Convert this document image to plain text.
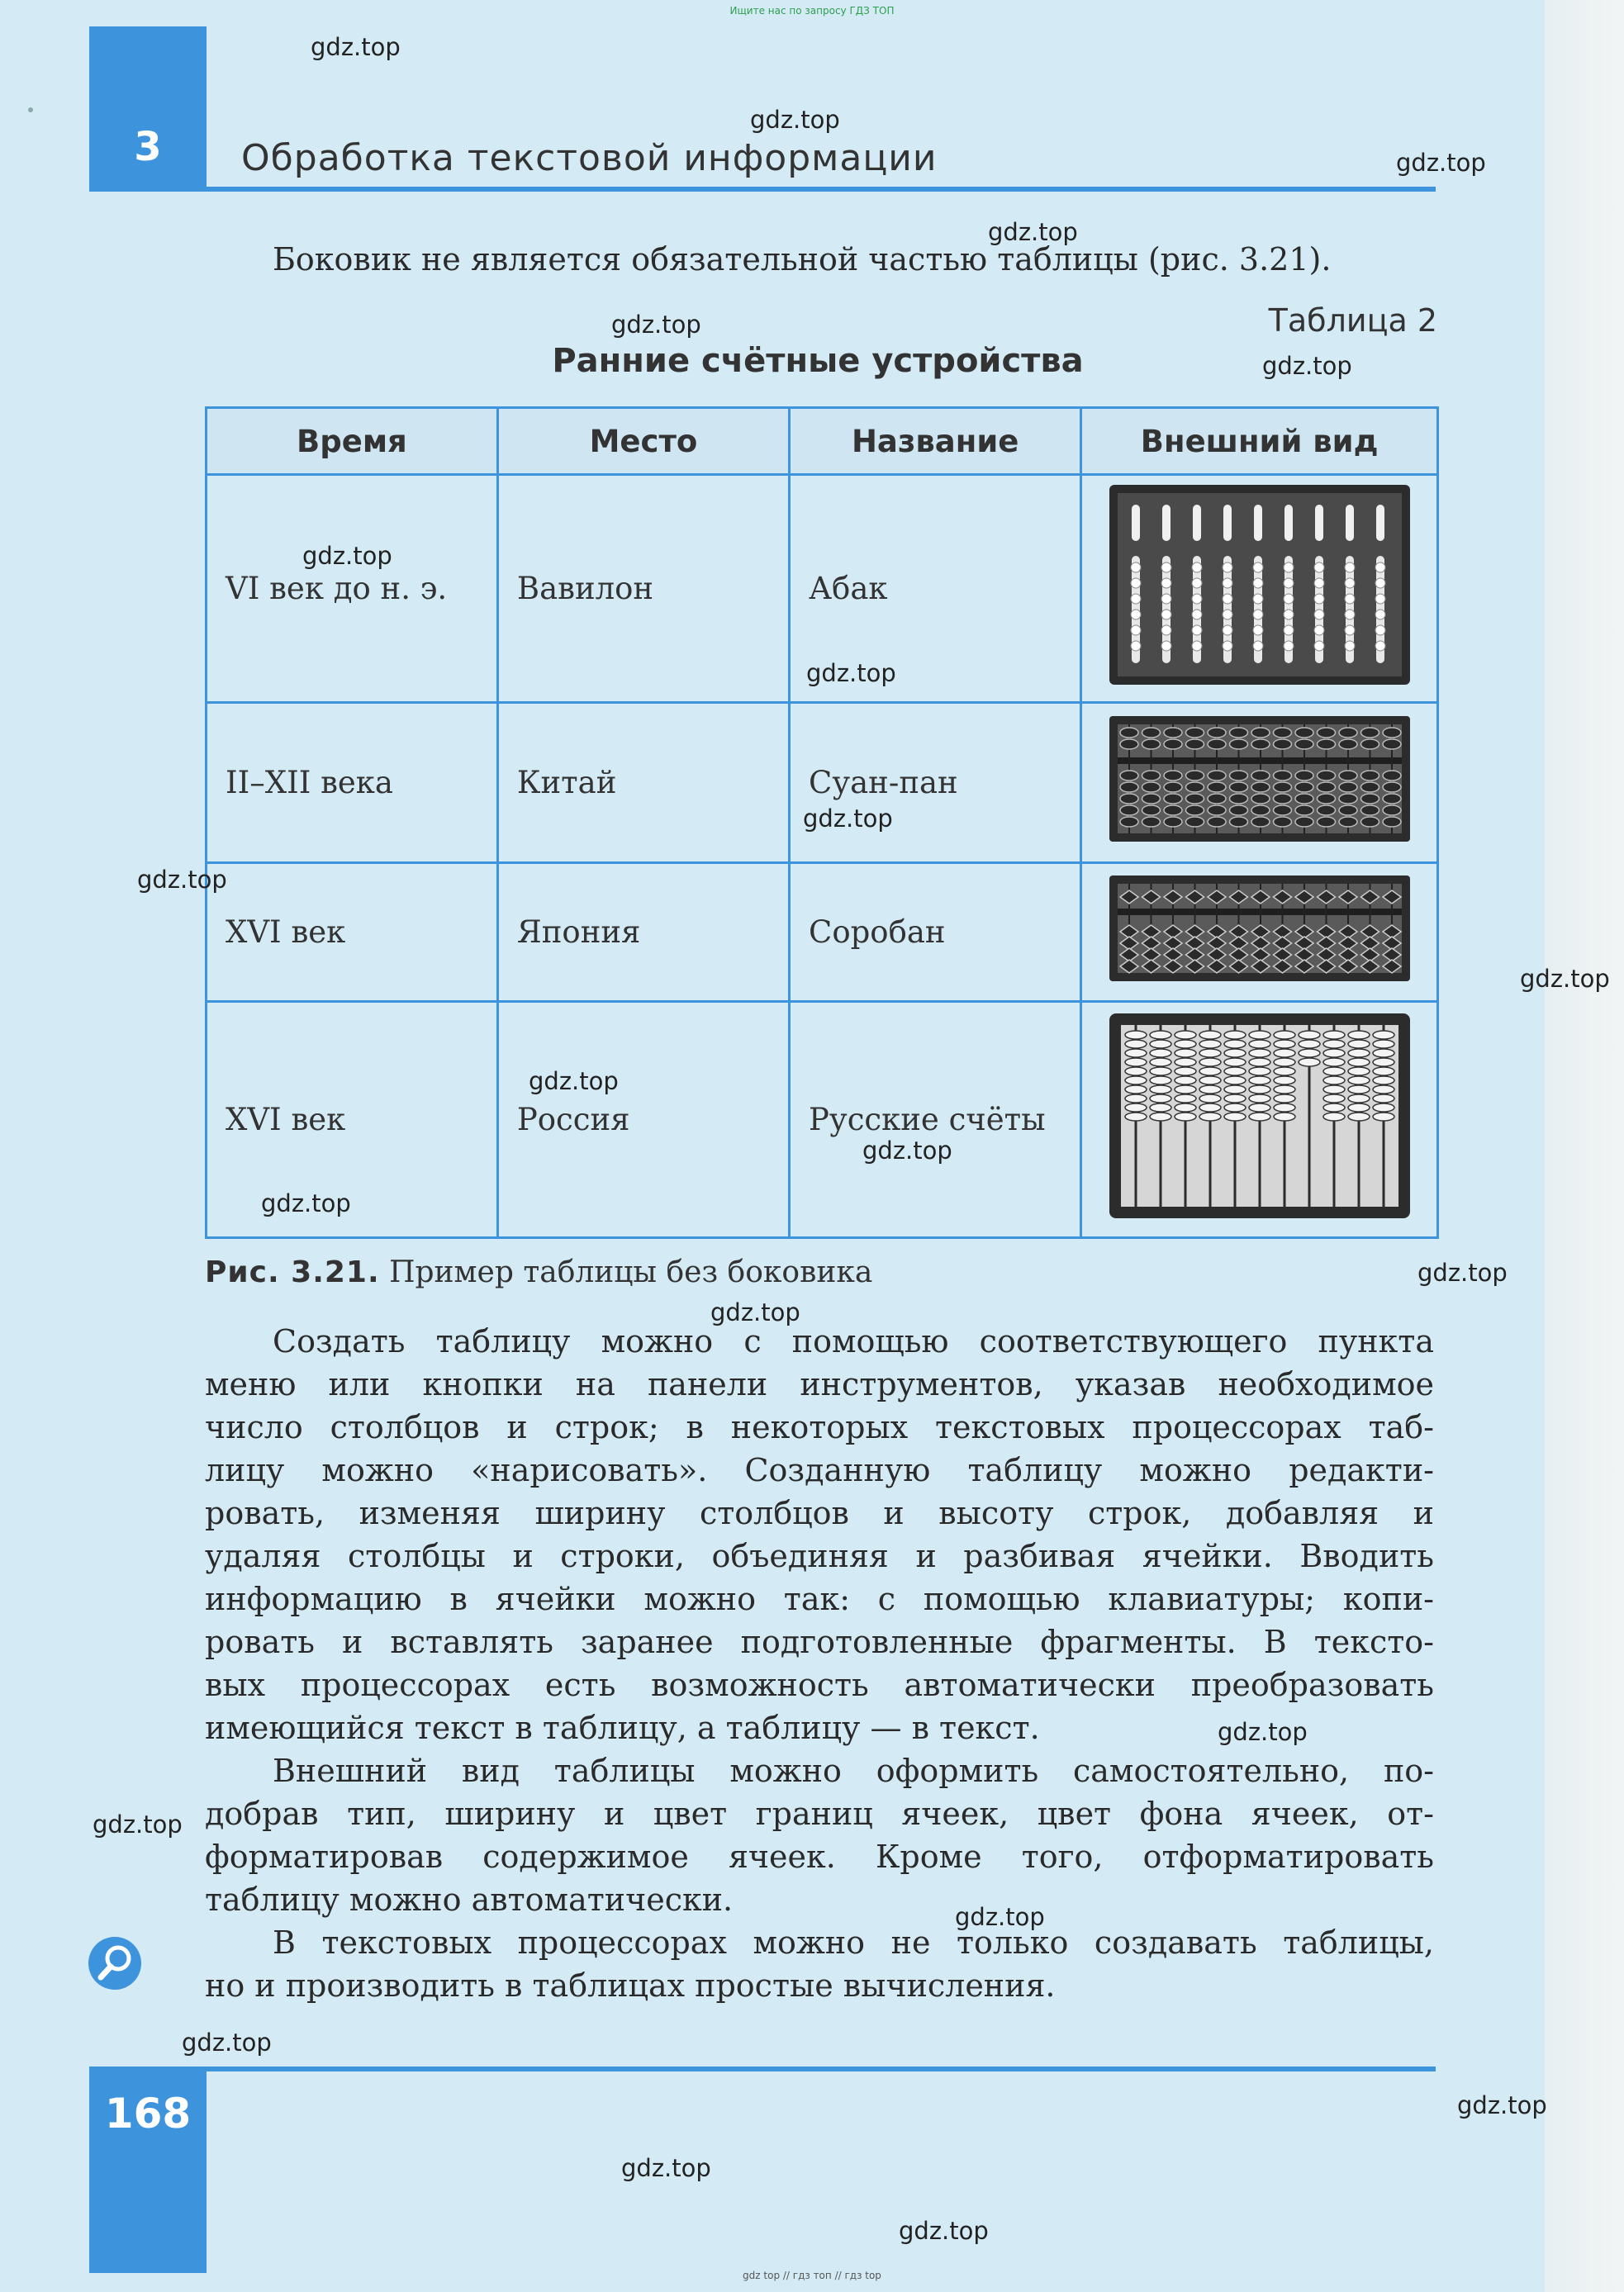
Ищите нас по запросу ГДЗ ТОП
3	Обработка текстовой информации
Боковик не является обязательной частью таблицы (рис. 3.21).
Таблица 2
Ранние счётные устройства
Время	Место	Название	Внешний вид
VI век до н. э.	Вавилон	Абак	
II–XII века	Китай	Суан-пан	
XVI век	Япония	Соробан	
XVI век	Россия	Русские счёты	
Рис. 3.21. Пример таблицы без боковика
Создать таблицу можно с помощью соответствующего пункта
меню или кнопки на панели инструментов, указав необходимое
число столбцов и строк; в некоторых текстовых процессорах таб-
лицу можно «нарисовать». Созданную таблицу можно редакти-
ровать, изменяя ширину столбцов и высоту строк, добавляя и
удаляя столбцы и строки, объединяя и разбивая ячейки. Вводить
информацию в ячейки можно так: с помощью клавиатуры; копи-
ровать и вставлять заранее подготовленные фрагменты. В тексто-
вых процессорах есть возможность автоматически преобразовать
имеющийся текст в таблицу, а таблицу — в текст.
Внешний вид таблицы можно оформить самостоятельно, по-
добрав тип, ширину и цвет границ ячеек, цвет фона ячеек, от-
форматировав содержимое ячеек. Кроме того, отформатировать
таблицу можно автоматически.
В текстовых процессорах можно не только создавать таблицы,
но и производить в таблицах простые вычисления.
168
gdz.top
gdz.top
gdz.top
gdz.top
gdz.top
gdz.top
gdz.top
gdz.top
gdz.top
gdz.top
gdz.top
gdz.top
gdz.top
gdz.top
gdz.top
gdz.top
gdz.top
gdz.top
gdz.top
gdz.top
gdz.top
gdz.top
gdz.top
gdz top // гдз топ // гдз top
